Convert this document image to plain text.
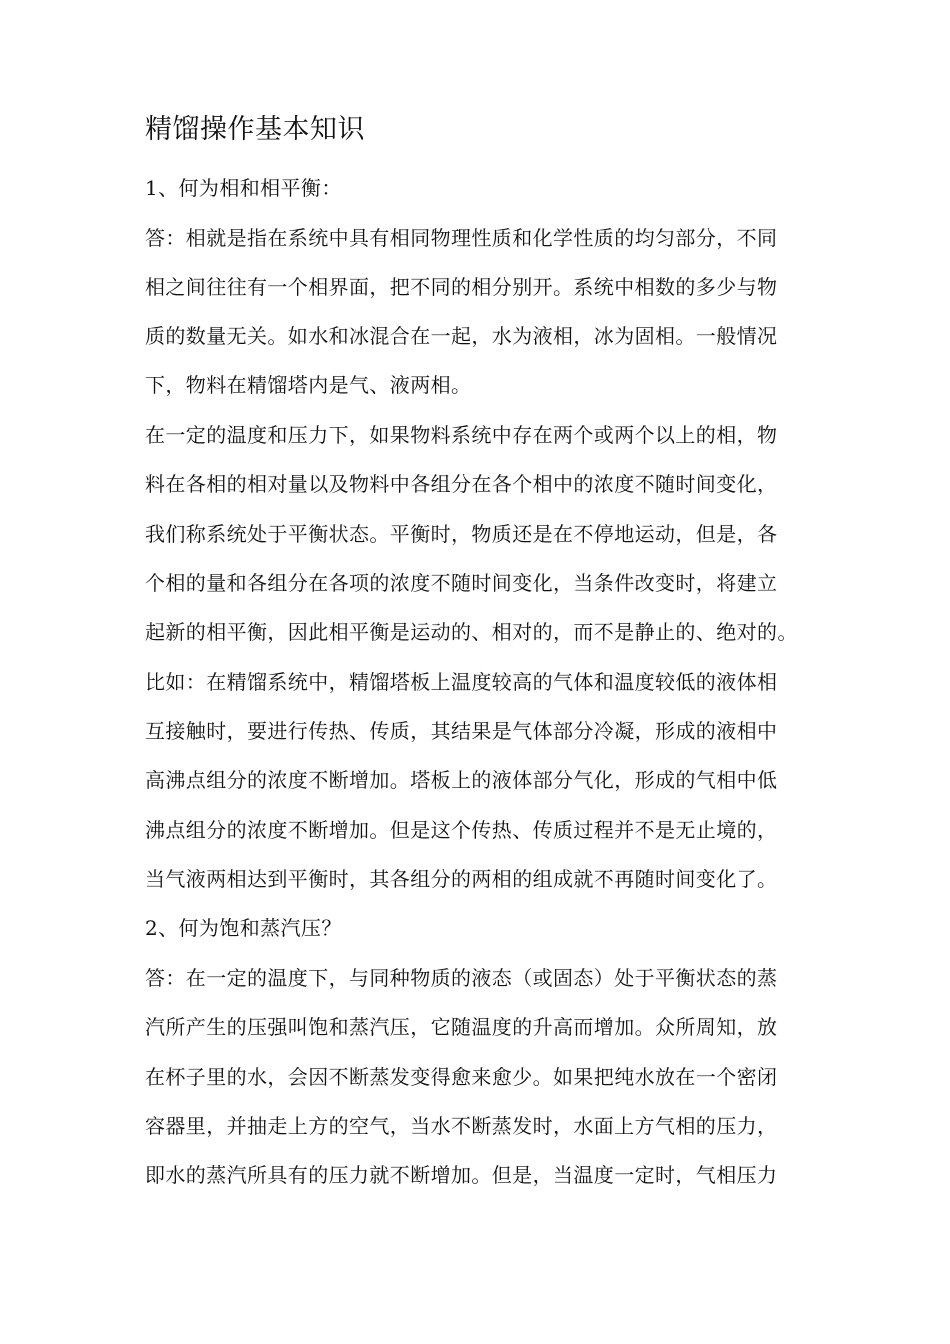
精馏操作基本知识
1、何为相和相平衡：
答：相就是指在系统中具有相同物理性质和化学性质的均匀部分，不同
相之间往往有一个相界面，把不同的相分别开。系统中相数的多少与物
质的数量无关。如水和冰混合在一起，水为液相，冰为固相。一般情况
下，物料在精馏塔内是气、液两相。
在一定的温度和压力下，如果物料系统中存在两个或两个以上的相，物
料在各相的相对量以及物料中各组分在各个相中的浓度不随时间变化，
我们称系统处于平衡状态。平衡时，物质还是在不停地运动，但是，各
个相的量和各组分在各项的浓度不随时间变化，当条件改变时，将建立
起新的相平衡，因此相平衡是运动的、相对的，而不是静止的、绝对的。
比如：在精馏系统中，精馏塔板上温度较高的气体和温度较低的液体相
互接触时，要进行传热、传质，其结果是气体部分冷凝，形成的液相中
高沸点组分的浓度不断增加。塔板上的液体部分气化，形成的气相中低
沸点组分的浓度不断增加。但是这个传热、传质过程并不是无止境的，
当气液两相达到平衡时，其各组分的两相的组成就不再随时间变化了。
2、何为饱和蒸汽压？
答：在一定的温度下，与同种物质的液态（或固态）处于平衡状态的蒸
汽所产生的压强叫饱和蒸汽压，它随温度的升高而增加。众所周知，放
在杯子里的水，会因不断蒸发变得愈来愈少。如果把纯水放在一个密闭
容器里，并抽走上方的空气，当水不断蒸发时，水面上方气相的压力，
即水的蒸汽所具有的压力就不断增加。但是，当温度一定时，气相压力
